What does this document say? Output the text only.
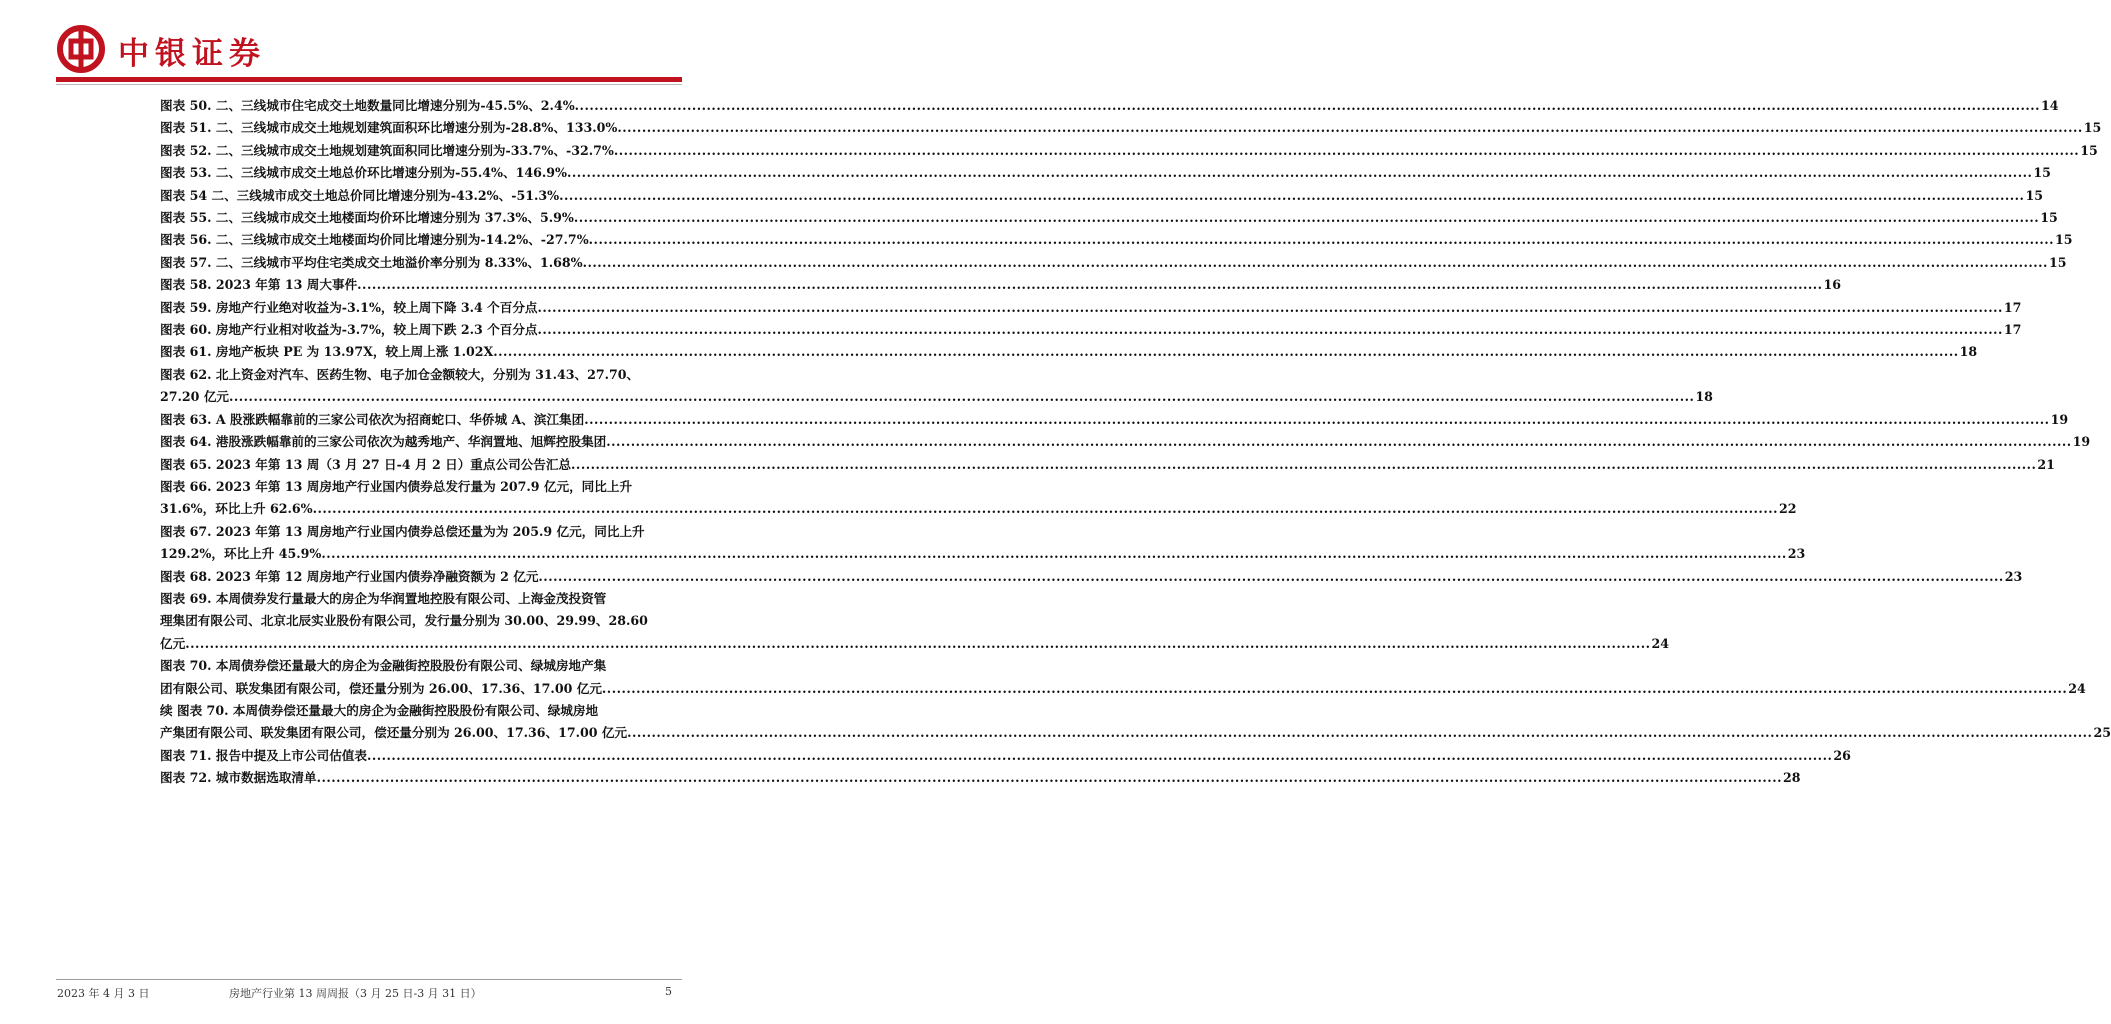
中银证券
图表 50. 二、三线城市住宅成交土地数量同比增速分别为-45.5%、2.4% ............................................................................................................................................................................................................................................................................................................ 14
图表 51. 二、三线城市成交土地规划建筑面积环比增速分别为-28.8%、133.0% ............................................................................................................................................................................................................................................................................................................ 15
图表 52. 二、三线城市成交土地规划建筑面积同比增速分别为-33.7%、-32.7% ............................................................................................................................................................................................................................................................................................................ 15
图表 53. 二、三线城市成交土地总价环比增速分别为-55.4%、146.9% ............................................................................................................................................................................................................................................................................................................ 15
图表 54 二、三线城市成交土地总价同比增速分别为-43.2%、-51.3% ............................................................................................................................................................................................................................................................................................................ 15
图表 55. 二、三线城市成交土地楼面均价环比增速分别为 37.3%、5.9% ............................................................................................................................................................................................................................................................................................................ 15
图表 56. 二、三线城市成交土地楼面均价同比增速分别为-14.2%、-27.7% ............................................................................................................................................................................................................................................................................................................ 15
图表 57. 二、三线城市平均住宅类成交土地溢价率分别为 8.33%、1.68% ............................................................................................................................................................................................................................................................................................................ 15
图表 58. 2023 年第 13 周大事件 ............................................................................................................................................................................................................................................................................................................ 16
图表 59. 房地产行业绝对收益为-3.1%，较上周下降 3.4 个百分点 ............................................................................................................................................................................................................................................................................................................ 17
图表 60. 房地产行业相对收益为-3.7%，较上周下跌 2.3 个百分点 ............................................................................................................................................................................................................................................................................................................ 17
图表 61. 房地产板块 PE 为 13.97X，较上周上涨 1.02X ............................................................................................................................................................................................................................................................................................................ 18
图表 62. 北上资金对汽车、医药生物、电子加仓金额较大，分别为 31.43、27.70、
27.20 亿元 ............................................................................................................................................................................................................................................................................................................ 18
图表 63. A 股涨跌幅靠前的三家公司依次为招商蛇口、华侨城 A、滨江集团 ............................................................................................................................................................................................................................................................................................................ 19
图表 64. 港股涨跌幅靠前的三家公司依次为越秀地产、华润置地、旭辉控股集团 ............................................................................................................................................................................................................................................................................................................ 19
图表 65. 2023 年第 13 周（3 月 27 日-4 月 2 日）重点公司公告汇总 ............................................................................................................................................................................................................................................................................................................ 21
图表 66. 2023 年第 13 周房地产行业国内债券总发行量为 207.9 亿元，同比上升
31.6%，环比上升 62.6% ............................................................................................................................................................................................................................................................................................................ 22
图表 67. 2023 年第 13 周房地产行业国内债券总偿还量为为 205.9 亿元，同比上升
129.2%，环比上升 45.9% ............................................................................................................................................................................................................................................................................................................ 23
图表 68. 2023 年第 12 周房地产行业国内债券净融资额为 2 亿元 ............................................................................................................................................................................................................................................................................................................ 23
图表 69. 本周债券发行量最大的房企为华润置地控股有限公司、上海金茂投资管
理集团有限公司、北京北辰实业股份有限公司，发行量分别为 30.00、29.99、28.60
亿元 ............................................................................................................................................................................................................................................................................................................ 24
图表 70. 本周债券偿还量最大的房企为金融街控股股份有限公司、绿城房地产集
团有限公司、联发集团有限公司，偿还量分别为 26.00、17.36、17.00 亿元 ............................................................................................................................................................................................................................................................................................................ 24
续 图表 70. 本周债券偿还量最大的房企为金融街控股股份有限公司、绿城房地
产集团有限公司、联发集团有限公司，偿还量分别为 26.00、17.36、17.00 亿元 ............................................................................................................................................................................................................................................................................................................ 25
图表 71. 报告中提及上市公司估值表 ............................................................................................................................................................................................................................................................................................................ 26
图表 72. 城市数据选取清单 ............................................................................................................................................................................................................................................................................................................ 28
2023 年 4 月 3 日	房地产行业第 13 周周报（3 月 25 日-3 月 31 日）	5
